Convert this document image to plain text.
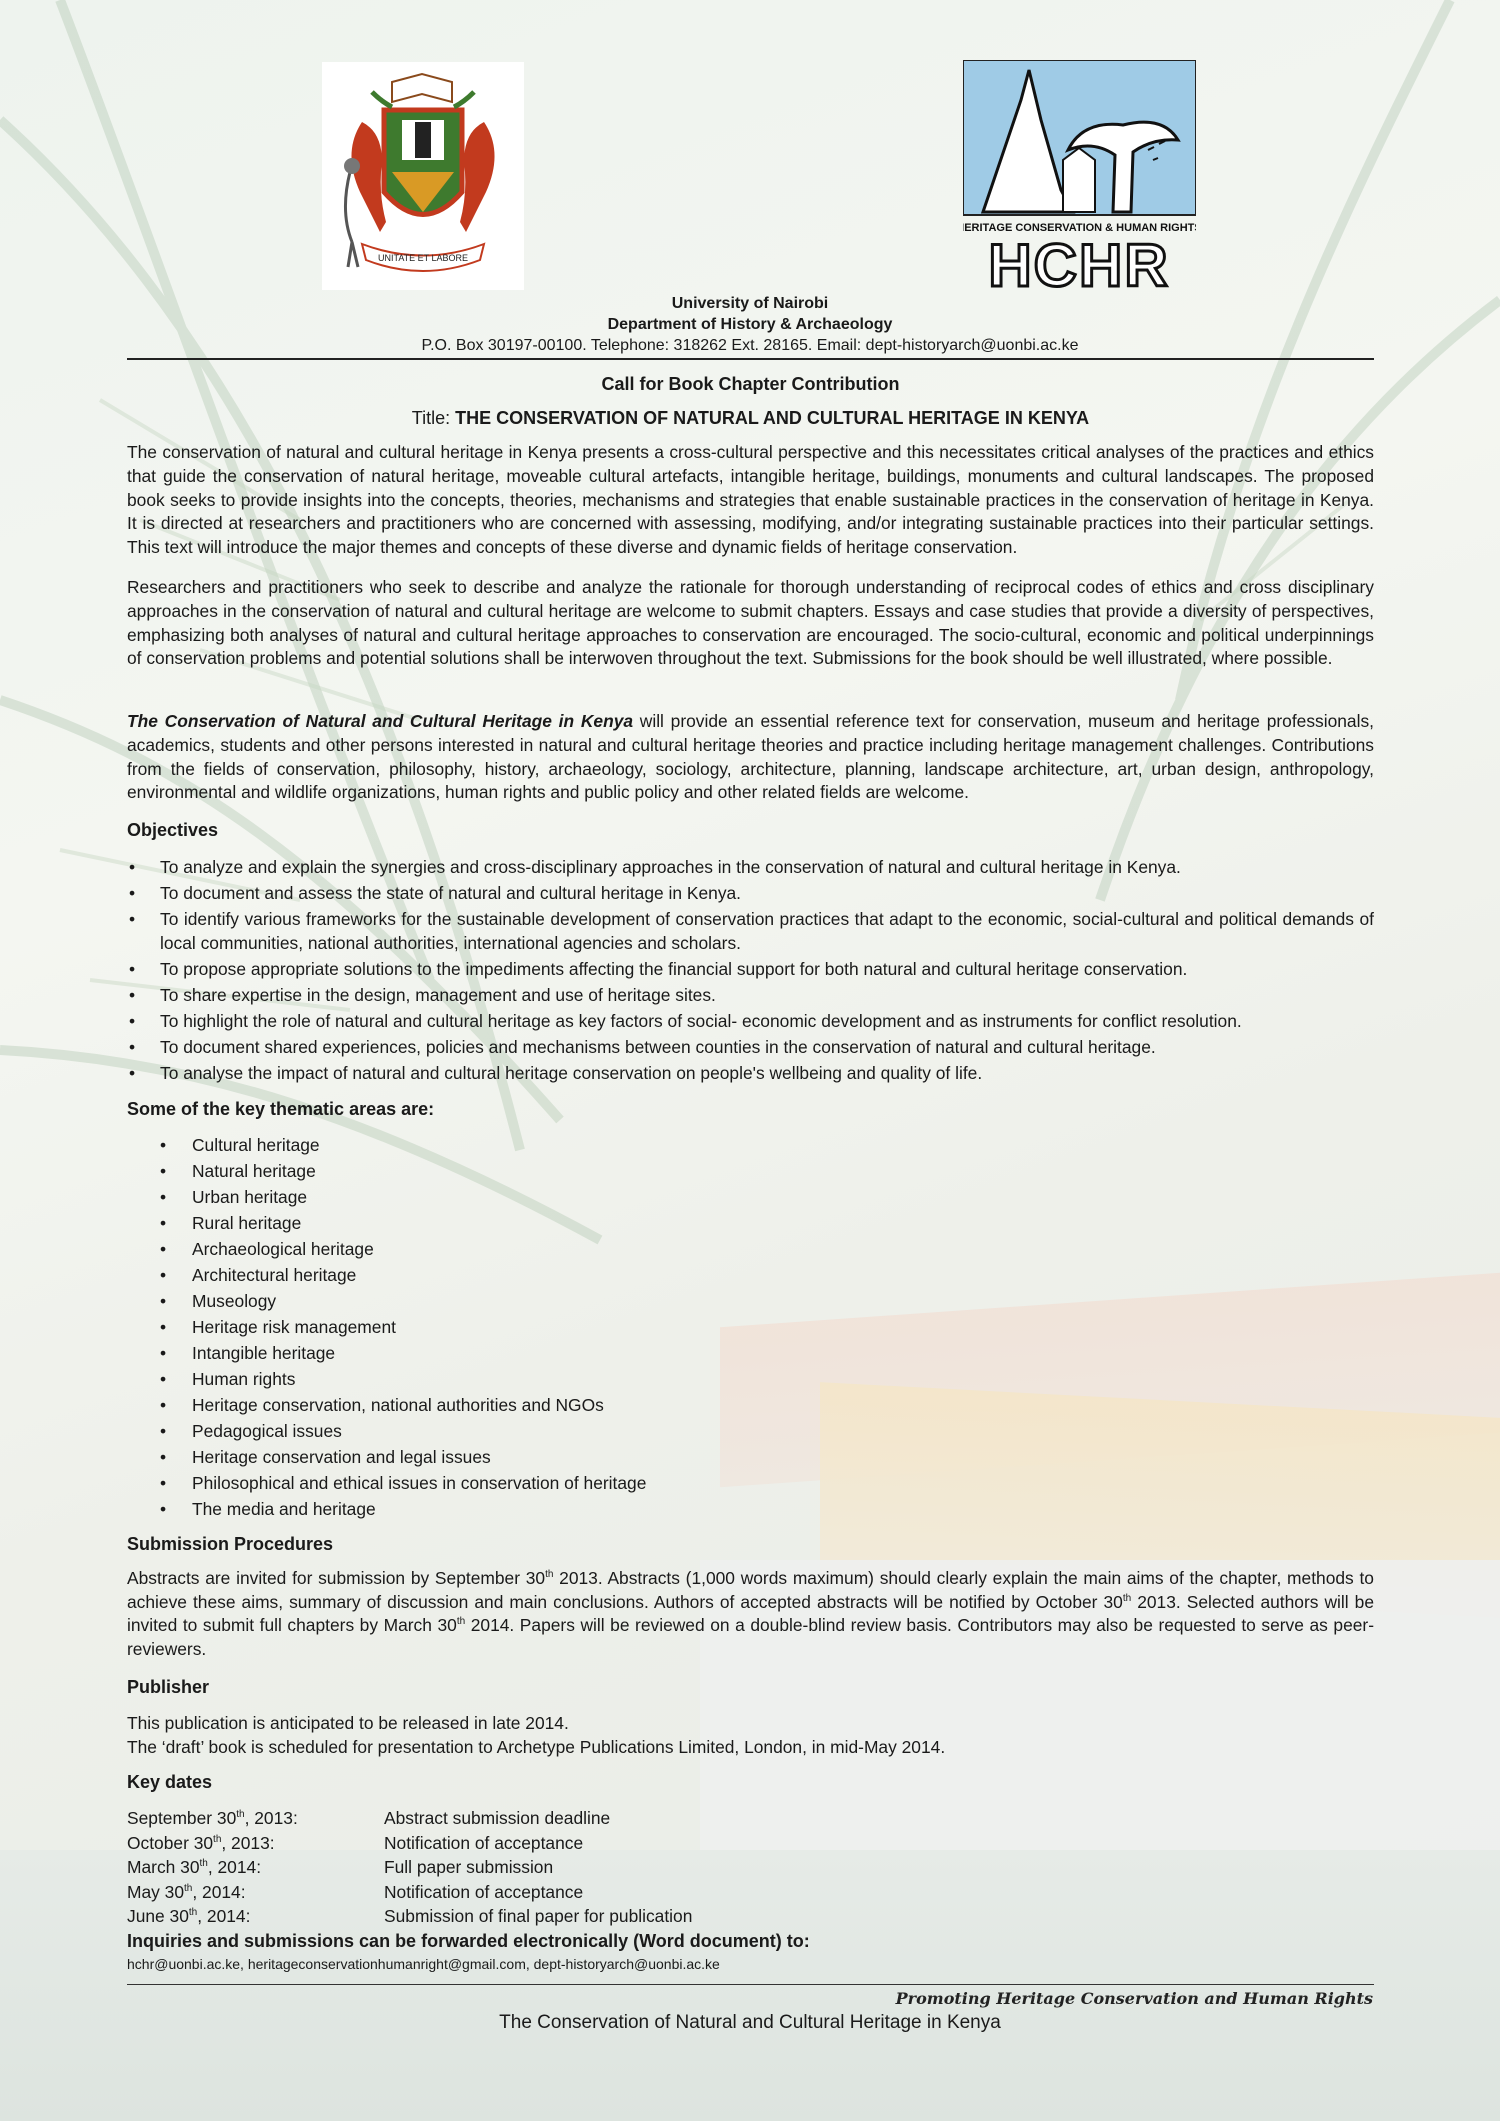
UNITATE ET LABORE
HERITAGE CONSERVATION & HUMAN RIGHTS
HCHR
University of Nairobi
Department of History & Archaeology
P.O. Box 30197-00100. Telephone: 318262 Ext. 28165. Email: dept-historyarch@uonbi.ac.ke
Call for Book Chapter Contribution
Title: THE CONSERVATION OF NATURAL AND CULTURAL HERITAGE IN KENYA

The conservation of natural and cultural heritage in Kenya presents a cross-cultural perspective and this necessitates critical analyses of the practices and ethics that guide the conservation of natural heritage, moveable cultural artefacts, intangible heritage, buildings, monuments and cultural landscapes. The proposed book seeks to provide insights into the concepts, theories, mechanisms and strategies that enable sustainable practices in the conservation of heritage in Kenya. It is directed at researchers and practitioners who are concerned with assessing, modifying, and/or integrating sustainable practices into their particular settings. This text will introduce the major themes and concepts of these diverse and dynamic fields of heritage conservation.

Researchers and practitioners who seek to describe and analyze the rationale for thorough understanding of reciprocal codes of ethics and cross disciplinary approaches in the conservation of natural and cultural heritage are welcome to submit chapters. Essays and case studies that provide a diversity of perspectives, emphasizing both analyses of natural and cultural heritage approaches to conservation are encouraged. The socio-cultural, economic and political underpinnings of conservation problems and potential solutions shall be interwoven throughout the text. Submissions for the book should be well illustrated, where possible.

The Conservation of Natural and Cultural Heritage in Kenya will provide an essential reference text for conservation, museum and heritage professionals, academics, students and other persons interested in natural and cultural heritage theories and practice including heritage management challenges. Contributions from the fields of conservation, philosophy, history, archaeology, sociology, architecture, planning, landscape architecture, art, urban design, anthropology, environmental and wildlife organizations, human rights and public policy and other related fields are welcome.

Objectives
• To analyze and explain the synergies and cross-disciplinary approaches in the conservation of natural and cultural heritage in Kenya.
• To document and assess the state of natural and cultural heritage in Kenya.
• To identify various frameworks for the sustainable development of conservation practices that adapt to the economic, social-cultural and political demands of local communities, national authorities, international agencies and scholars.
• To propose appropriate solutions to the impediments affecting the financial support for both natural and cultural heritage conservation.
• To share expertise in the design, management and use of heritage sites.
• To highlight the role of natural and cultural heritage as key factors of social- economic development and as instruments for conflict resolution.
• To document shared experiences, policies and mechanisms between counties in the conservation of natural and cultural heritage.
• To analyse the impact of natural and cultural heritage conservation on people's wellbeing and quality of life.
Some of the key thematic areas are:
• Cultural heritage
• Natural heritage
• Urban heritage
• Rural heritage
• Archaeological heritage
• Architectural heritage
• Museology
• Heritage risk management
• Intangible heritage
• Human rights
• Heritage conservation, national authorities and NGOs
• Pedagogical issues
• Heritage conservation and legal issues
• Philosophical and ethical issues in conservation of heritage
• The media and heritage
Submission Procedures

Abstracts are invited for submission by September 30th 2013. Abstracts (1,000 words maximum) should clearly explain the main aims of the chapter, methods to achieve these aims, summary of discussion and main conclusions. Authors of accepted abstracts will be notified by October 30th 2013. Selected authors will be invited to submit full chapters by March 30th 2014. Papers will be reviewed on a double-blind review basis. Contributors may also be requested to serve as peer-reviewers.

Publisher
This publication is anticipated to be released in late 2014.
The ‘draft’ book is scheduled for presentation to Archetype Publications Limited, London, in mid-May 2014.
Key dates
September 30th, 2013:	Abstract submission deadline
October 30th, 2013:	Notification of acceptance
March 30th, 2014:	Full paper submission
May 30th, 2014:	Notification of acceptance
June 30th, 2014:	Submission of final paper for publication
Inquiries and submissions can be forwarded electronically (Word document) to:
hchr@uonbi.ac.ke, heritageconservationhumanright@gmail.com, dept-historyarch@uonbi.ac.ke
Promoting Heritage Conservation and Human Rights
The Conservation of Natural and Cultural Heritage in Kenya
